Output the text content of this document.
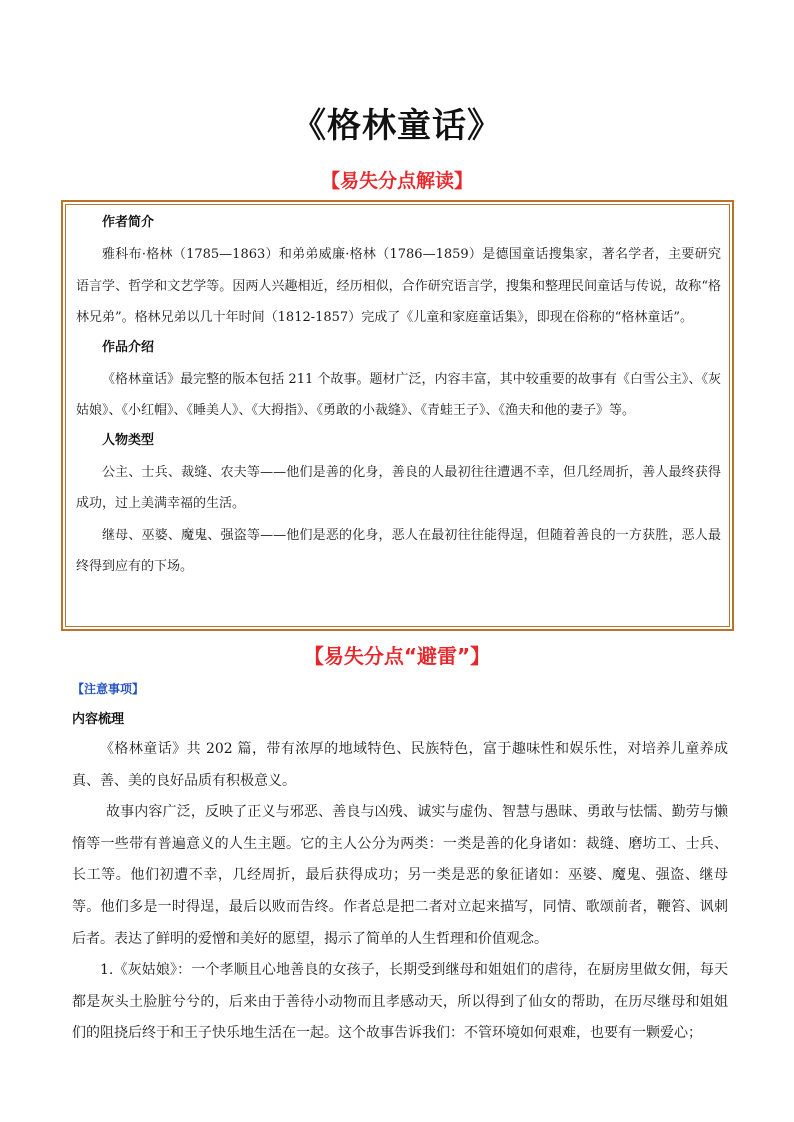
《格林童话》
【易失分点解读】

作者简介

雅科布·格林（1785—1863）和弟弟威廉·格林（1786—1859）是德国童话搜集家，著名学者，主要研究语言学、哲学和文艺学等。因两人兴趣相近，经历相似，合作研究语言学，搜集和整理民间童话与传说，故称“格林兄弟”。格林兄弟以几十年时间（1812-1857）完成了《儿童和家庭童话集》，即现在俗称的“格林童话”。

作品介绍

《格林童话》最完整的版本包括 211 个故事。题材广泛，内容丰富，其中较重要的故事有《白雪公主》、《灰姑娘》、《小红帽》、《睡美人》、《大拇指》、《勇敢的小裁缝》、《青蛙王子》、《渔夫和他的妻子》等。

人物类型

公主、士兵、裁缝、农夫等——他们是善的化身，善良的人最初往往遭遇不幸，但几经周折，善人最终获得成功，过上美满幸福的生活。

继母、巫婆、魔鬼、强盗等——他们是恶的化身，恶人在最初往往能得逞，但随着善良的一方获胜，恶人最终得到应有的下场。

【易失分点“避雷”】

【注意事项】

内容梳理

《格林童话》共 202 篇，带有浓厚的地域特色、民族特色，富于趣味性和娱乐性，对培养儿童养成真、善、美的良好品质有积极意义。

故事内容广泛，反映了正义与邪恶、善良与凶残、诚实与虚伪、智慧与愚昧、勇敢与怯懦、勤劳与懒惰等一些带有普遍意义的人生主题。它的主人公分为两类：一类是善的化身诸如：裁缝、磨坊工、士兵、长工等。他们初遭不幸，几经周折，最后获得成功；另一类是恶的象征诸如：巫婆、魔鬼、强盗、继母等。他们多是一时得逞，最后以败而告终。作者总是把二者对立起来描写，同情、歌颂前者，鞭笞、讽刺后者。表达了鲜明的爱憎和美好的愿望，揭示了简单的人生哲理和价值观念。

1.《灰姑娘》：一个孝顺且心地善良的女孩子，长期受到继母和姐姐们的虐待，在厨房里做女佣，每天都是灰头土脸脏兮兮的，后来由于善待小动物而且孝感动天，所以得到了仙女的帮助，在历尽继母和姐姐们的阻挠后终于和王子快乐地生活在一起。这个故事告诉我们：不管环境如何艰难，也要有一颗爱心；
